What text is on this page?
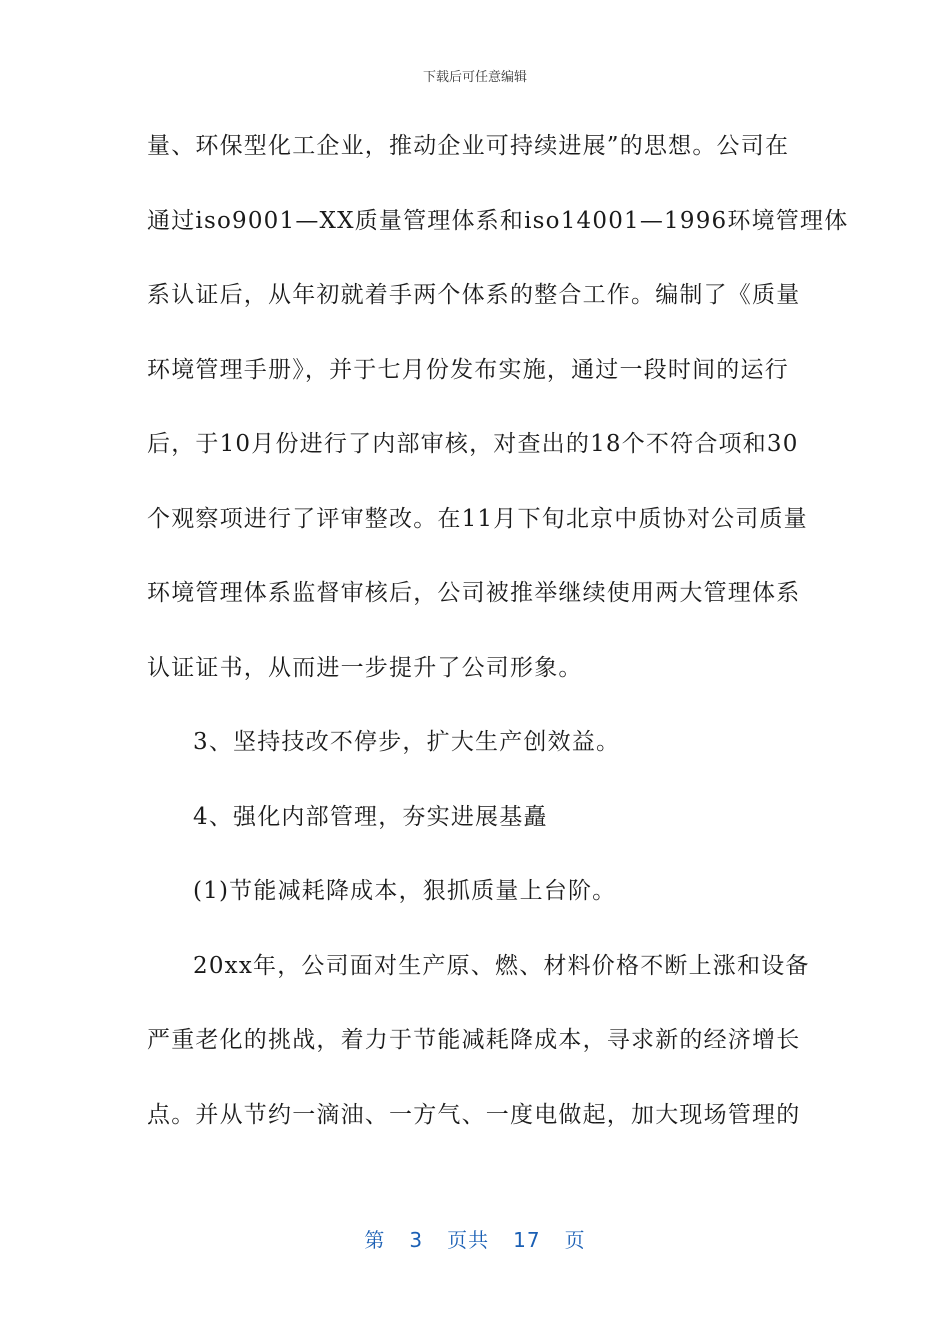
下载后可任意编辑
量、环保型化工企业，推动企业可持续进展”的思想。公司在
通过iso9001—XX质量管理体系和iso14001—1996环境管理体
系认证后，从年初就着手两个体系的整合工作。编制了《质量
环境管理手册》，并于七月份发布实施，通过一段时间的运行
后，于10月份进行了内部审核，对查出的18个不符合项和30
个观察项进行了评审整改。在11月下旬北京中质协对公司质量
环境管理体系监督审核后，公司被推举继续使用两大管理体系
认证证书，从而进一步提升了公司形象。
3、坚持技改不停步，扩大生产创效益。
4、强化内部管理，夯实进展基矗
(1)节能减耗降成本，狠抓质量上台阶。
20xx年，公司面对生产原、燃、材料价格不断上涨和设备
严重老化的挑战，着力于节能减耗降成本，寻求新的经济增长
点。并从节约一滴油、一方气、一度电做起，加大现场管理的
第 3 页共 17 页
